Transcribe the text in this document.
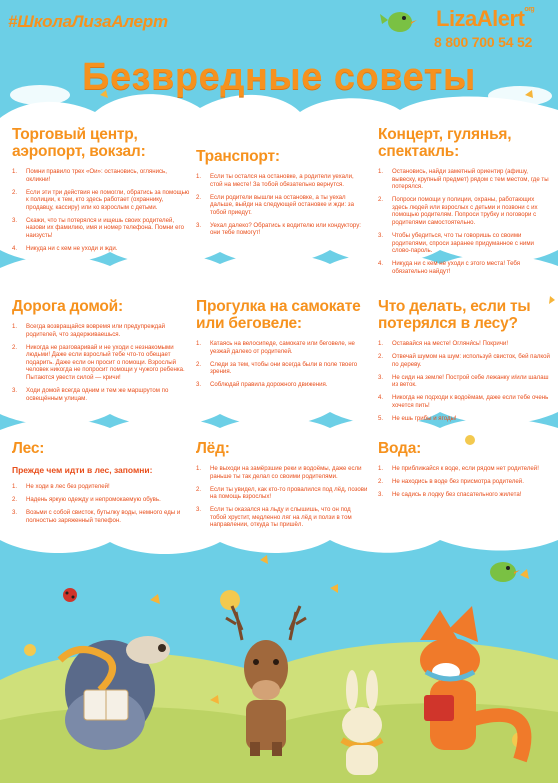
#ШколаЛизаАлерт	LizaAlert$^{org}$
8 800 700 54 52
Безвредные советы
Торговый центр, аэропорт, вокзал:
1. Помни правило трех «Ои»: остановись, оглянись, окликни!
2. Если эти три действия не помогли, обратись за помощью к полиции, к тем, кто здесь работает (охраннику, продавцу, кассиру) или ко взрослым с детьми.
3. Скажи, что ты потерялся и ищешь своих родителей, назови их фамилию, имя и номер телефона. Помни его наизусть!
4. Никуда ни с кем не уходи и жди.
Транспорт:
1. Если ты остался на остановке, а родители уехали, стой на месте! За тобой обязательно вернутся.
2. Если родители вышли на остановке, а ты уехал дальше, выйди на следующей остановке и жди: за тобой приедут.
3. Уехал далеко? Обратись к водителю или кондуктору: они тебе помогут!
Концерт, гулянья, спектакль:
1. Остановись, найди заметный ориентир (афишу, вывеску, крупный предмет) рядом с тем местом, где ты потерялся.
2. Попроси помощи у полиции, охраны, работающих здесь людей или взрослых с детьми и позвони с их помощью родителям. Попроси трубку и поговори с родителями самостоятельно.
3. Чтобы убедиться, что ты говоришь со своими родителями, спроси заранее придуманное с ними слово-пароль.
4. Никуда ни с кем не уходи с этого места! Тебя обязательно найдут!
Дорога домой:
1. Всегда возвращайся вовремя или предупреждай родителей, что задерживаешься.
2. Никогда не разговаривай и не уходи с незнакомыми людьми! Даже если взрослый тебе что-то обещает подарить. Даже если он просит о помощи. Взрослый человек никогда не попросит помощи у чужого ребенка. Пытаются увести силой — кричи!
3. Ходи домой всегда одним и тем же маршрутом по освещённым улицам.
Прогулка на самокате или беговеле:
1. Катаясь на велосипеде, самокате или беговеле, не уезжай далеко от родителей.
2. Следи за тем, чтобы они всегда были в поле твоего зрения.
3. Соблюдай правила дорожного движения.
Что делать, если ты потерялся в лесу?
1. Оставайся на месте! Огляни́сь! Покричи!
2. Отвечай шумом на шум: используй свисток, бей палкой по дереву.
3. Не сиди на земле! Построй себе лежанку и/или шалаш из веток.
4. Никогда не подходи к водоёмам, даже если тебе очень хочется пить!
5. Не ешь грибы и ягоды!
Лес:
Прежде чем идти в лес, запомни:
1. Не ходи в лес без родителей!
2. Надень яркую одежду и непромокаемую обувь.
3. Возьми с собой свисток, бутылку воды, немного еды и полностью заряженный телефон.
Лёд:
1. Не выходи на замёрзшие реки и водоёмы, даже если раньше ты так делал со своими родителями.
2. Если ты увидел, как кто-то провалился под лёд, позови на помощь взрослых!
3. Если ты оказался на льду и слышишь, что он под тобой хрустит, медленно ляг на лёд и ползи в том направлении, откуда ты пришёл.
Вода:
1. Не приближайся к воде, если рядом нет родителей!
2. Не находись в воде без присмотра родителей.
3. Не садись в лодку без спасательного жилета!
